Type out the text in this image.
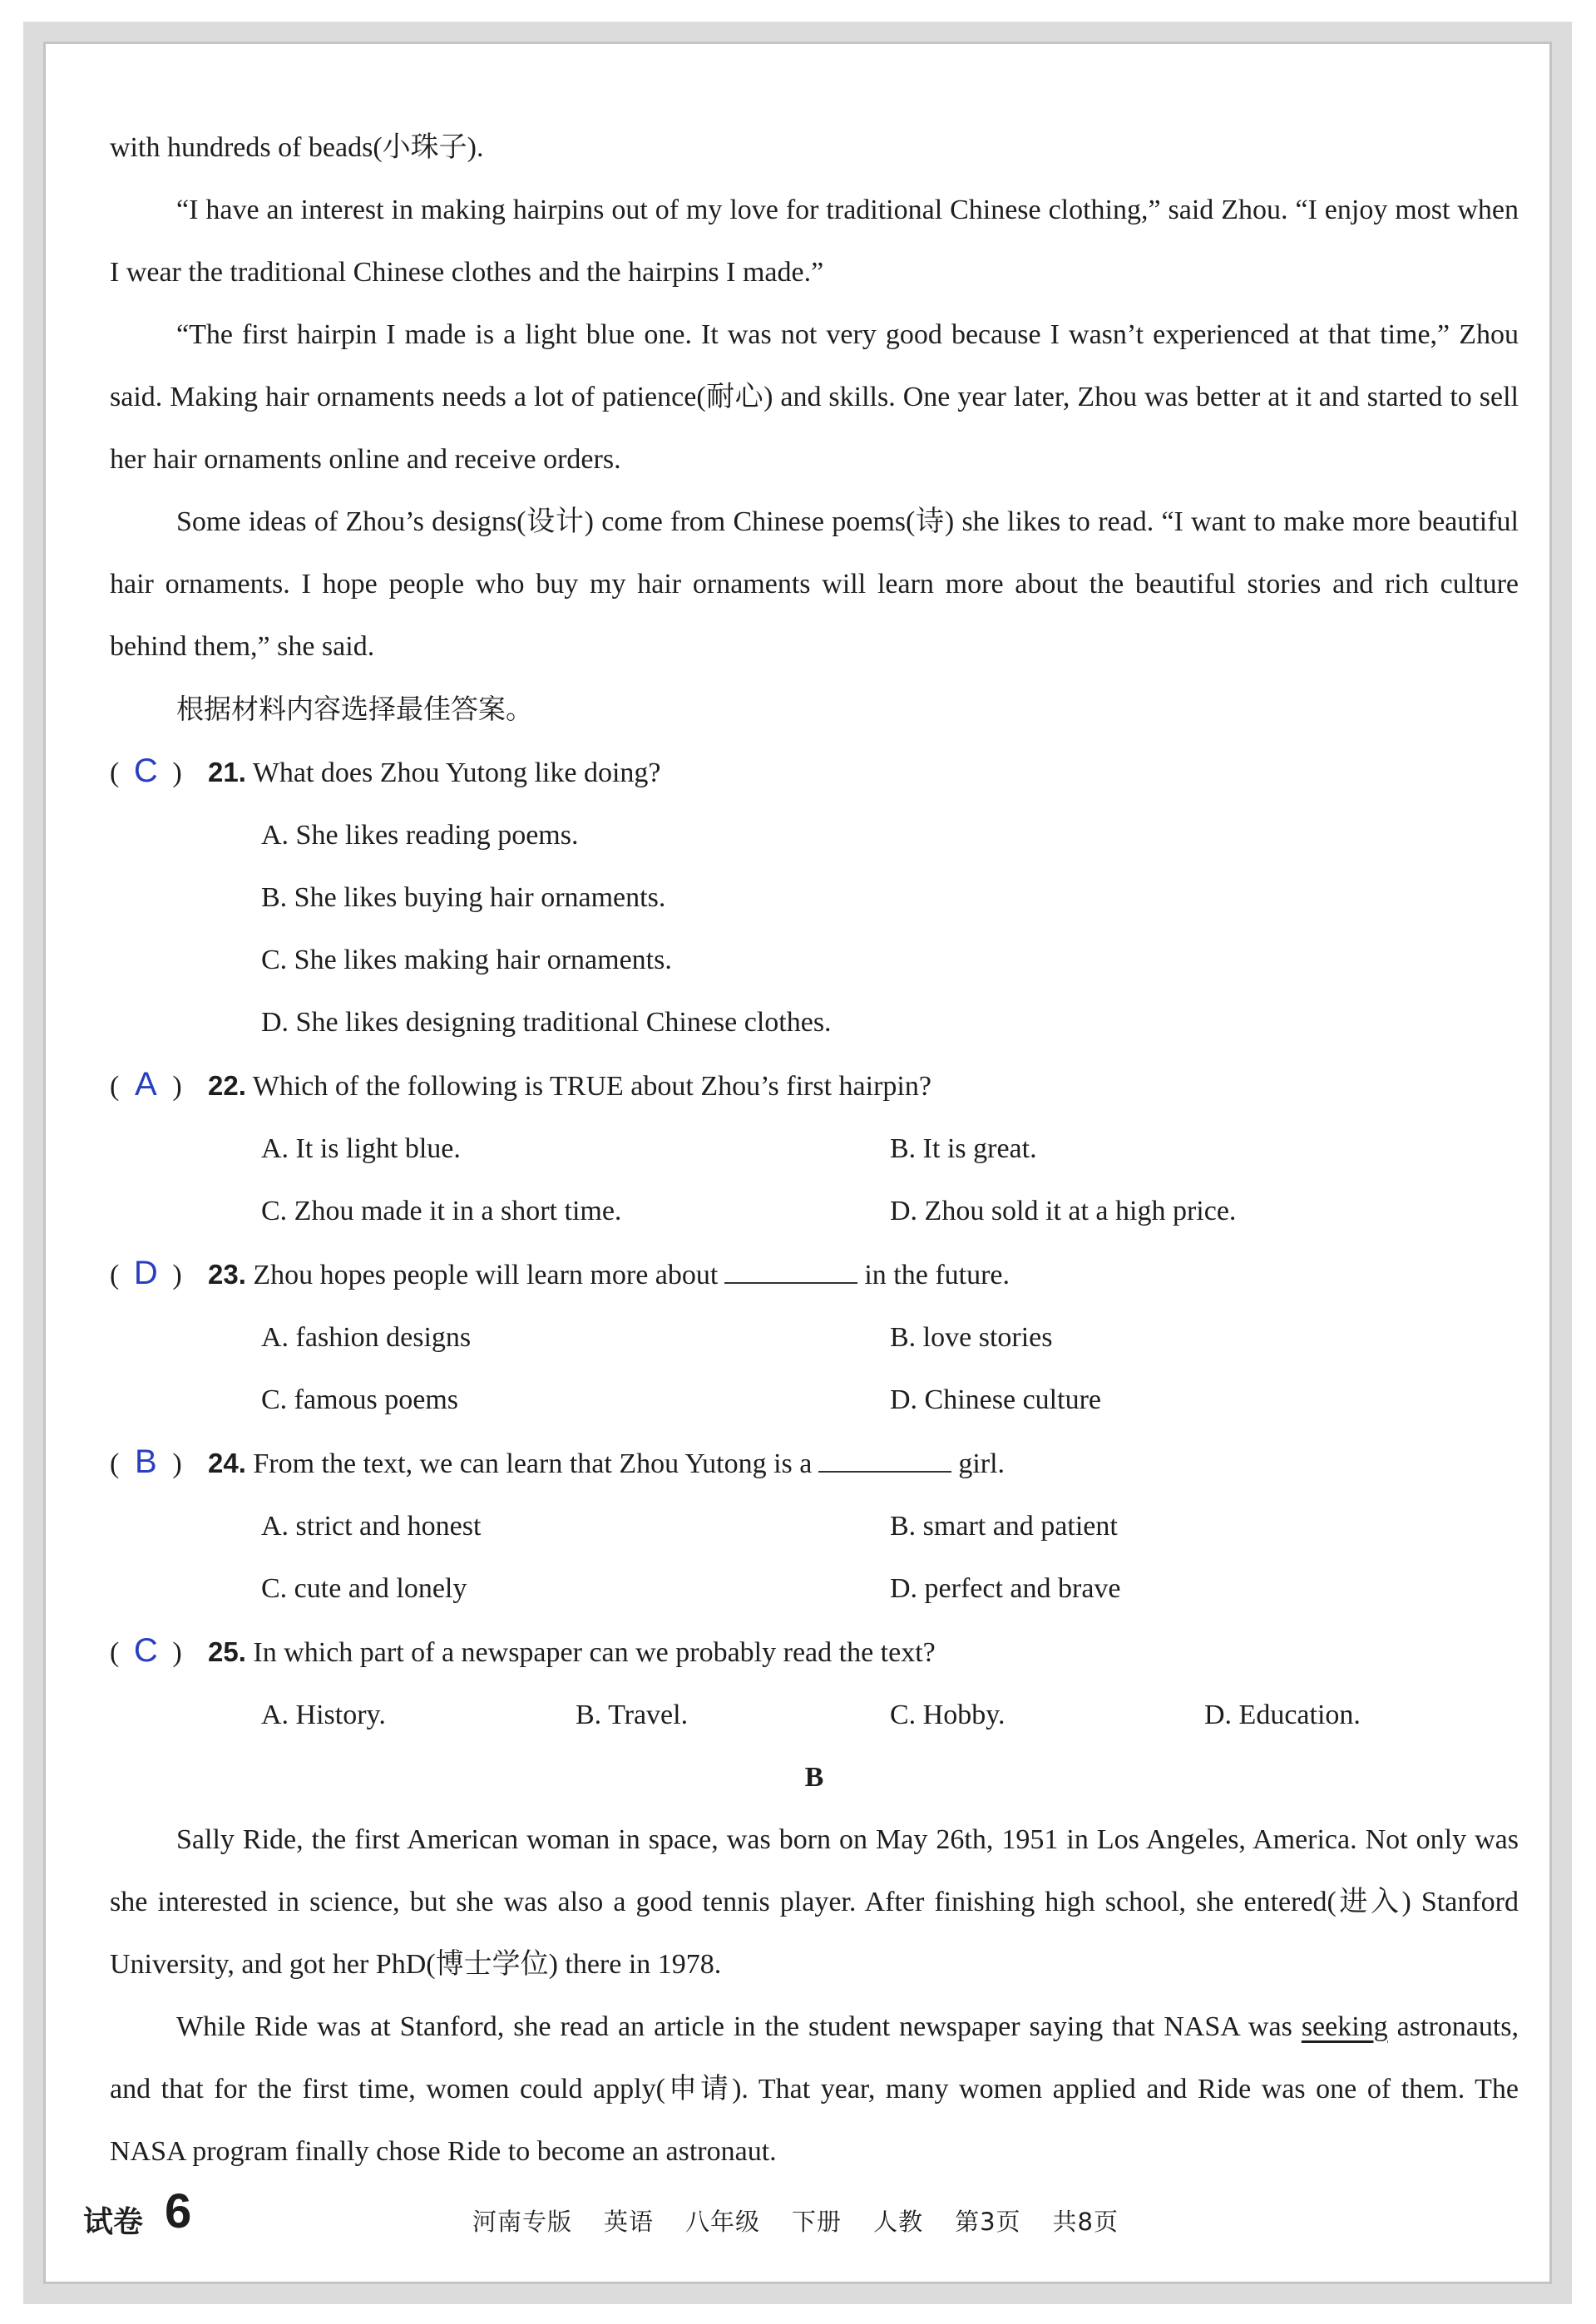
with hundreds of beads(小珠子).

“I have an interest in making hairpins out of my love for traditional Chinese clothing,” said Zhou. “I enjoy most when I wear the traditional Chinese clothes and the hairpins I made.”

“The first hairpin I made is a light blue one. It was not very good because I wasn’t experienced at that time,” Zhou said. Making hair ornaments needs a lot of patience(耐心) and skills. One year later, Zhou was better at it and started to sell her hair ornaments online and receive orders.

Some ideas of Zhou’s designs(设计) come from Chinese poems(诗) she likes to read. “I want to make more beautiful hair ornaments. I hope people who buy my hair ornaments will learn more about the beautiful stories and rich culture behind them,” she said.

根据材料内容选择最佳答案。

( C ) 21. What does Zhou Yutong like doing?

A. She likes reading poems.
B. She likes buying hair ornaments.
C. She likes making hair ornaments.
D. She likes designing traditional Chinese clothes.

( A ) 22. Which of the following is TRUE about Zhou’s first hairpin?

A. It is light blue.	B. It is great.
C. Zhou made it in a short time.	D. Zhou sold it at a high price.

( D ) 23. Zhou hopes people will learn more about	in the future.

A. fashion designs	B. love stories
C. famous poems	D. Chinese culture

( B ) 24. From the text, we can learn that Zhou Yutong is a	girl.

A. strict and honest	B. smart and patient
C. cute and lonely	D. perfect and brave

( C ) 25. In which part of a newspaper can we probably read the text?

A. History.	B. Travel.	C. Hobby.	D. Education.

B

Sally Ride, the first American woman in space, was born on May 26th, 1951 in Los Angeles, America. Not only was she interested in science, but she was also a good tennis player. After finishing high school, she entered(进入) Stanford University, and got her PhD(博士学位) there in 1978.

While Ride was at Stanford, she read an article in the student newspaper saying that NASA was seeking astronauts, and that for the first time, women could apply(申请). That year, many women applied and Ride was one of them. The NASA program finally chose Ride to become an astronaut.

试卷 6	河南专版 英语 八年级 下册 人教 第3页 共8页
